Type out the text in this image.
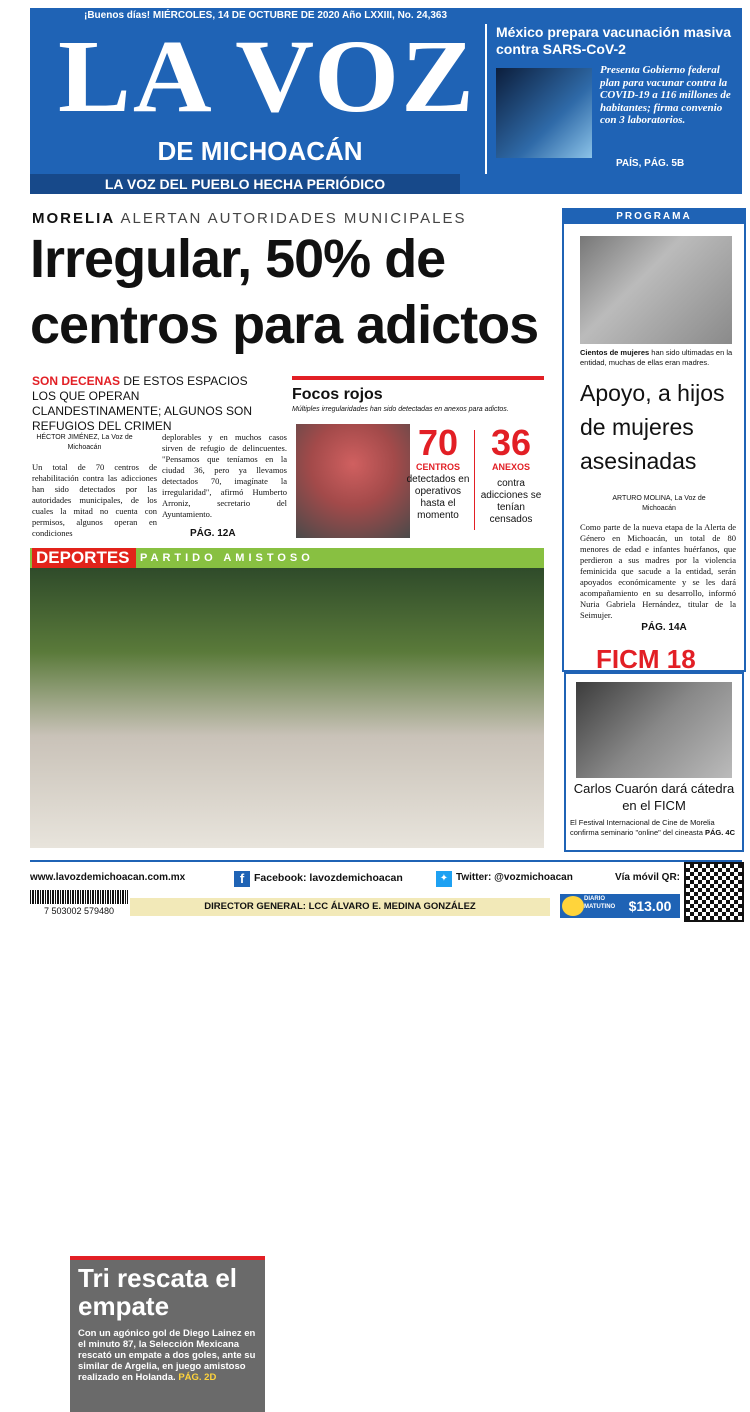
¡Buenos días! MIÉRCOLES, 14 DE OCTUBRE DE 2020 Año LXXIII, No. 24,363
LA VOZ
DE MICHOACÁN
LA VOZ DEL PUEBLO HECHA PERIÓDICO
México prepara vacunación masiva contra SARS-CoV-2
Presenta Gobierno federal plan para vacunar contra la COVID-19 a 116 millones de habitantes; firma convenio con 3 laboratorios.
PAÍS, PÁG. 5B
MORELIA ALERTAN AUTORIDADES MUNICIPALES
Irregular, 50% de centros para adictos
SON DECENAS DE ESTOS ESPACIOS LOS QUE OPERAN CLANDESTINAMENTE; ALGUNOS SON REFUGIOS DEL CRIMEN
HÉCTOR JIMÉNEZ, La Voz de Michoacán
Un total de 70 centros de rehabilitación contra las adicciones han sido detectados por las autoridades municipales, de los cuales la mitad no cuenta con permisos, algunos operan en condiciones
deplorables y en muchos casos sirven de refugio de delincuentes. "Pensamos que teníamos en la ciudad 36, pero ya llevamos detectados 70, imagínate la irregularidad", afirmó Humberto Arroniz, secretario del Ayuntamiento.
PÁG. 12A
Focos rojos
Múltiples irregularidades han sido detectadas en anexos para adictos.
70
CENTROS
detectados en operativos hasta el momento
36
ANEXOS
contra adicciones se tenían censados
DEPORTES PARTIDO AMISTOSO
Tri rescata el empate
Con un agónico gol de Diego Lainez en el minuto 87, la Selección Mexicana rescató un empate a dos goles, ante su similar de Argelia, en juego amistoso realizado en Holanda. PÁG. 2D
PROGRAMA
Cientos de mujeres han sido ultimadas en la entidad, muchas de ellas eran madres.
Apoyo, a hijos de mujeres asesinadas
ARTURO MOLINA, La Voz de Michoacán
Como parte de la nueva etapa de la Alerta de Género en Michoacán, un total de 80 menores de edad e infantes huérfanos, que perdieron a sus madres por la violencia feminicida que sacude a la entidad, serán apoyados económicamente y se les dará acompañamiento en su desarrollo, informó Nuria Gabriela Hernández, titular de la Seimujer.
PÁG. 14A
FICM 18
Carlos Cuarón dará cátedra en el FICM
El Festival Internacional de Cine de Morelia confirma seminario "online" del cineasta PÁG. 4C
www.lavozdemichoacan.com.mx	f Facebook: lavozdemichoacan	✦ Twitter: @vozmichoacan	Vía móvil QR:
7 503002 579480	DIRECTOR GENERAL: LCC ÁLVARO E. MEDINA GONZÁLEZ
DIARIO MATUTINO $13.00
